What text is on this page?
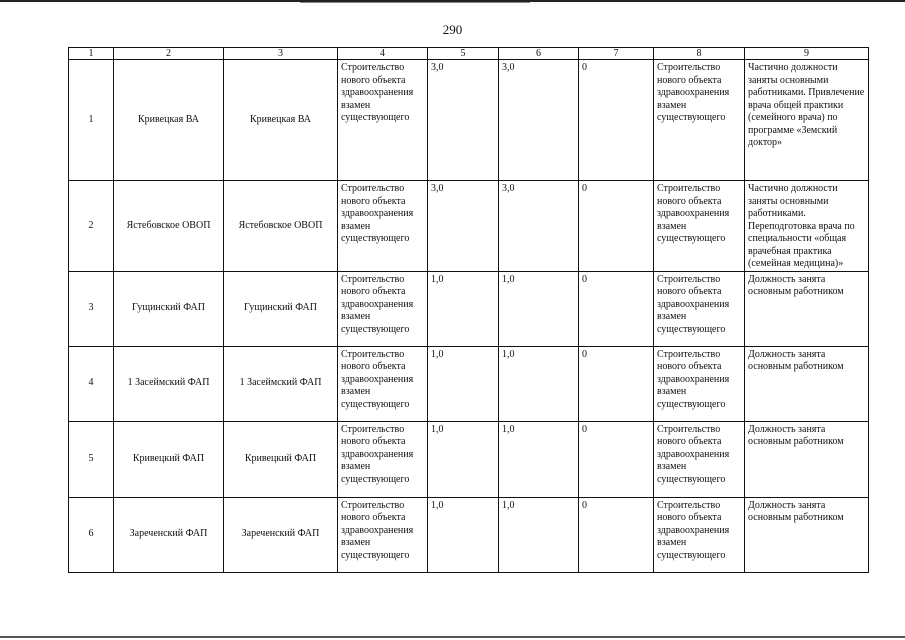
290
1	2	3	4	5	6	7	8	9
1	Кривецкая ВА	Кривецкая ВА	Строительство нового объекта здравоохранения взамен существующего	3,0	3,0	0	Строительство нового объекта здравоохранения взамен существующего	Частично должности заняты основными работниками. Привлечение врача общей практики (семейного врача) по программе «Земский доктор»
2	Ястебовское ОВОП	Ястебовское ОВОП	Строительство нового объекта здравоохранения взамен существующего	3,0	3,0	0	Строительство нового объекта здравоохранения взамен существующего	Частично должности заняты основными работниками. Переподготовка врача по специальности «общая врачебная практика (семейная медицина)»
3	Гущинский ФАП	Гущинский ФАП	Строительство нового объекта здравоохранения взамен существующего	1,0	1,0	0	Строительство нового объекта здравоохранения взамен существующего	Должность занята основным работником
4	1 Засеймский ФАП	1 Засеймский ФАП	Строительство нового объекта здравоохранения взамен существующего	1,0	1,0	0	Строительство нового объекта здравоохранения взамен существующего	Должность занята основным работником
5	Кривецкий ФАП	Кривецкий ФАП	Строительство нового объекта здравоохранения взамен существующего	1,0	1,0	0	Строительство нового объекта здравоохранения взамен существующего	Должность занята основным работником
6	Зареченский ФАП	Зареченский ФАП	Строительство нового объекта здравоохранения взамен существующего	1,0	1,0	0	Строительство нового объекта здравоохранения взамен существующего	Должность занята основным работником
